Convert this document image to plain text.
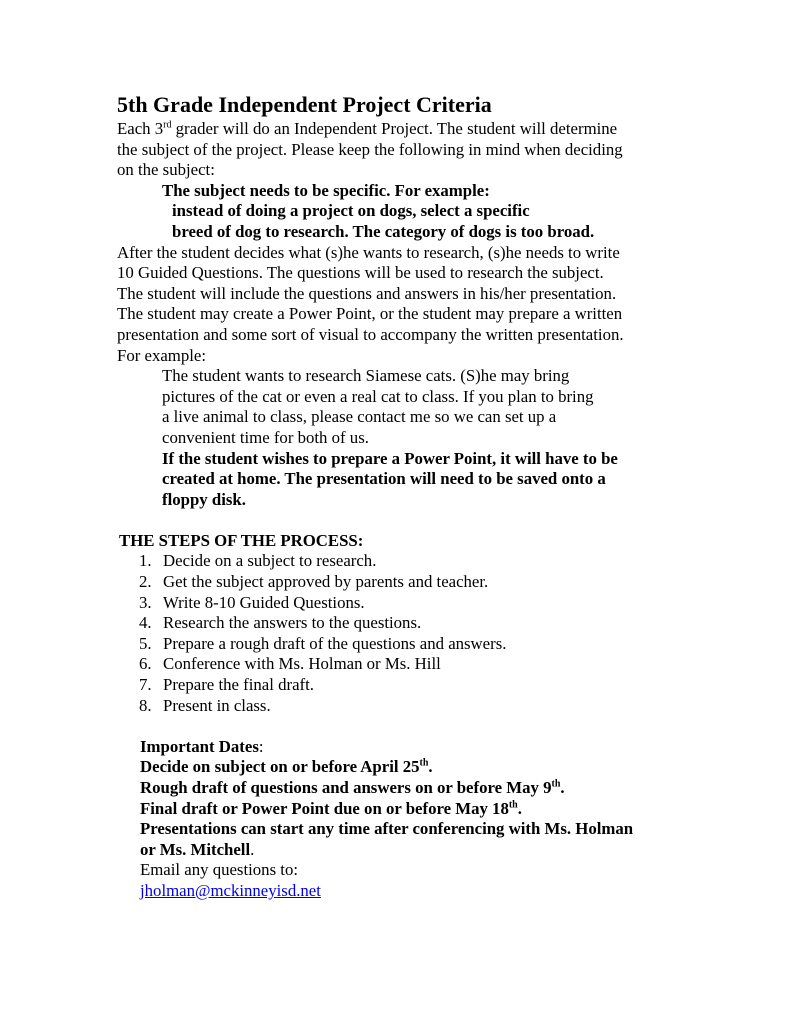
5th Grade Independent Project Criteria
Each 3rd grader will do an Independent Project. The student will determine
the subject of the project. Please keep the following in mind when deciding
on the subject:
The subject needs to be specific. For example:
instead of doing a project on dogs, select a specific
breed of dog to research. The category of dogs is too broad.
After the student decides what (s)he wants to research, (s)he needs to write
10 Guided Questions. The questions will be used to research the subject.
The student will include the questions and answers in his/her presentation.
The student may create a Power Point, or the student may prepare a written
presentation and some sort of visual to accompany the written presentation.
For example:
The student wants to research Siamese cats. (S)he may bring
pictures of the cat or even a real cat to class. If you plan to bring
a live animal to class, please contact me so we can set up a
convenient time for both of us.
If the student wishes to prepare a Power Point, it will have to be
created at home. The presentation will need to be saved onto a
floppy disk.
THE STEPS OF THE PROCESS:
1. Decide on a subject to research.
2. Get the subject approved by parents and teacher.
3. Write 8-10 Guided Questions.
4. Research the answers to the questions.
5. Prepare a rough draft of the questions and answers.
6. Conference with Ms. Holman or Ms. Hill
7. Prepare the final draft.
8. Present in class.
Important Dates:
Decide on subject on or before April 25th.
Rough draft of questions and answers on or before May 9th.
Final draft or Power Point due on or before May 18th.
Presentations can start any time after conferencing with Ms. Holman
or Ms. Mitchell.
Email any questions to:
jholman@mckinneyisd.net
